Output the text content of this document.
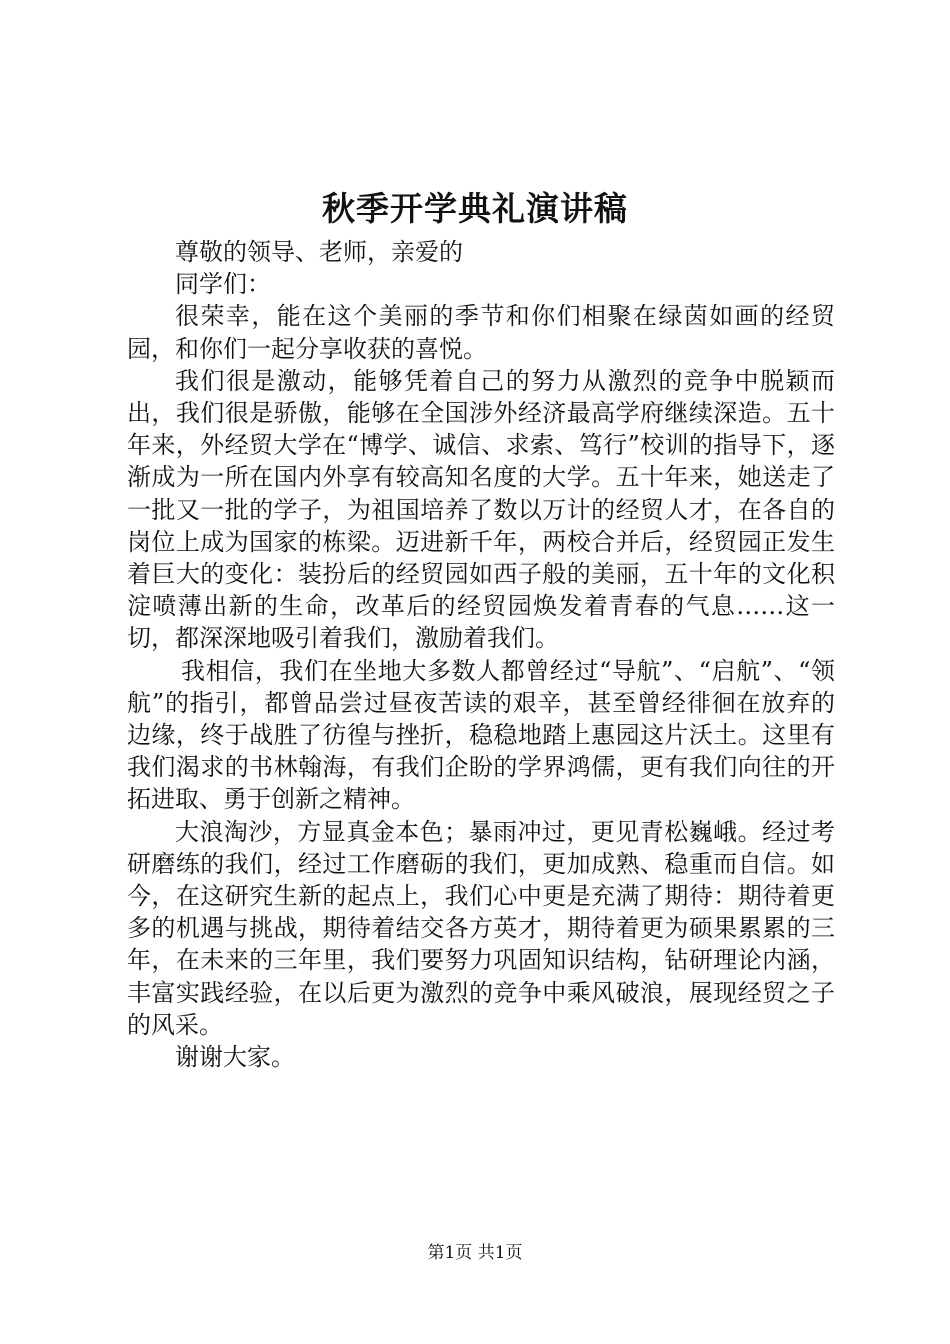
秋季开学典礼演讲稿

尊敬的领导、老师，亲爱的

同学们：

很荣幸，能在这个美丽的季节和你们相聚在绿茵如画的经贸园，和你们一起分享收获的喜悦。

我们很是激动，能够凭着自己的努力从激烈的竞争中脱颖而出，我们很是骄傲，能够在全国涉外经济最高学府继续深造。五十年来，外经贸大学在“博学、诚信、求索、笃行”校训的指导下，逐渐成为一所在国内外享有较高知名度的大学。五十年来，她送走了一批又一批的学子，为祖国培养了数以万计的经贸人才，在各自的岗位上成为国家的栋梁。迈进新千年，两校合并后，经贸园正发生着巨大的变化：装扮后的经贸园如西子般的美丽，五十年的文化积淀喷薄出新的生命，改革后的经贸园焕发着青春的气息……这一切，都深深地吸引着我们，激励着我们。

我相信，我们在坐地大多数人都曾经过“导航”、“启航”、“领航”的指引，都曾品尝过昼夜苦读的艰辛，甚至曾经徘徊在放弃的边缘，终于战胜了彷徨与挫折，稳稳地踏上惠园这片沃土。这里有我们渴求的书林翰海，有我们企盼的学界鸿儒，更有我们向往的开拓进取、勇于创新之精神。

大浪淘沙，方显真金本色；暴雨冲过，更见青松巍峨。经过考研磨练的我们，经过工作磨砺的我们，更加成熟、稳重而自信。如今，在这研究生新的起点上，我们心中更是充满了期待：期待着更多的机遇与挑战，期待着结交各方英才，期待着更为硕果累累的三年，在未来的三年里，我们要努力巩固知识结构，钻研理论内涵，丰富实践经验，在以后更为激烈的竞争中乘风破浪，展现经贸之子的风采。

谢谢大家。

第1页 共1页
